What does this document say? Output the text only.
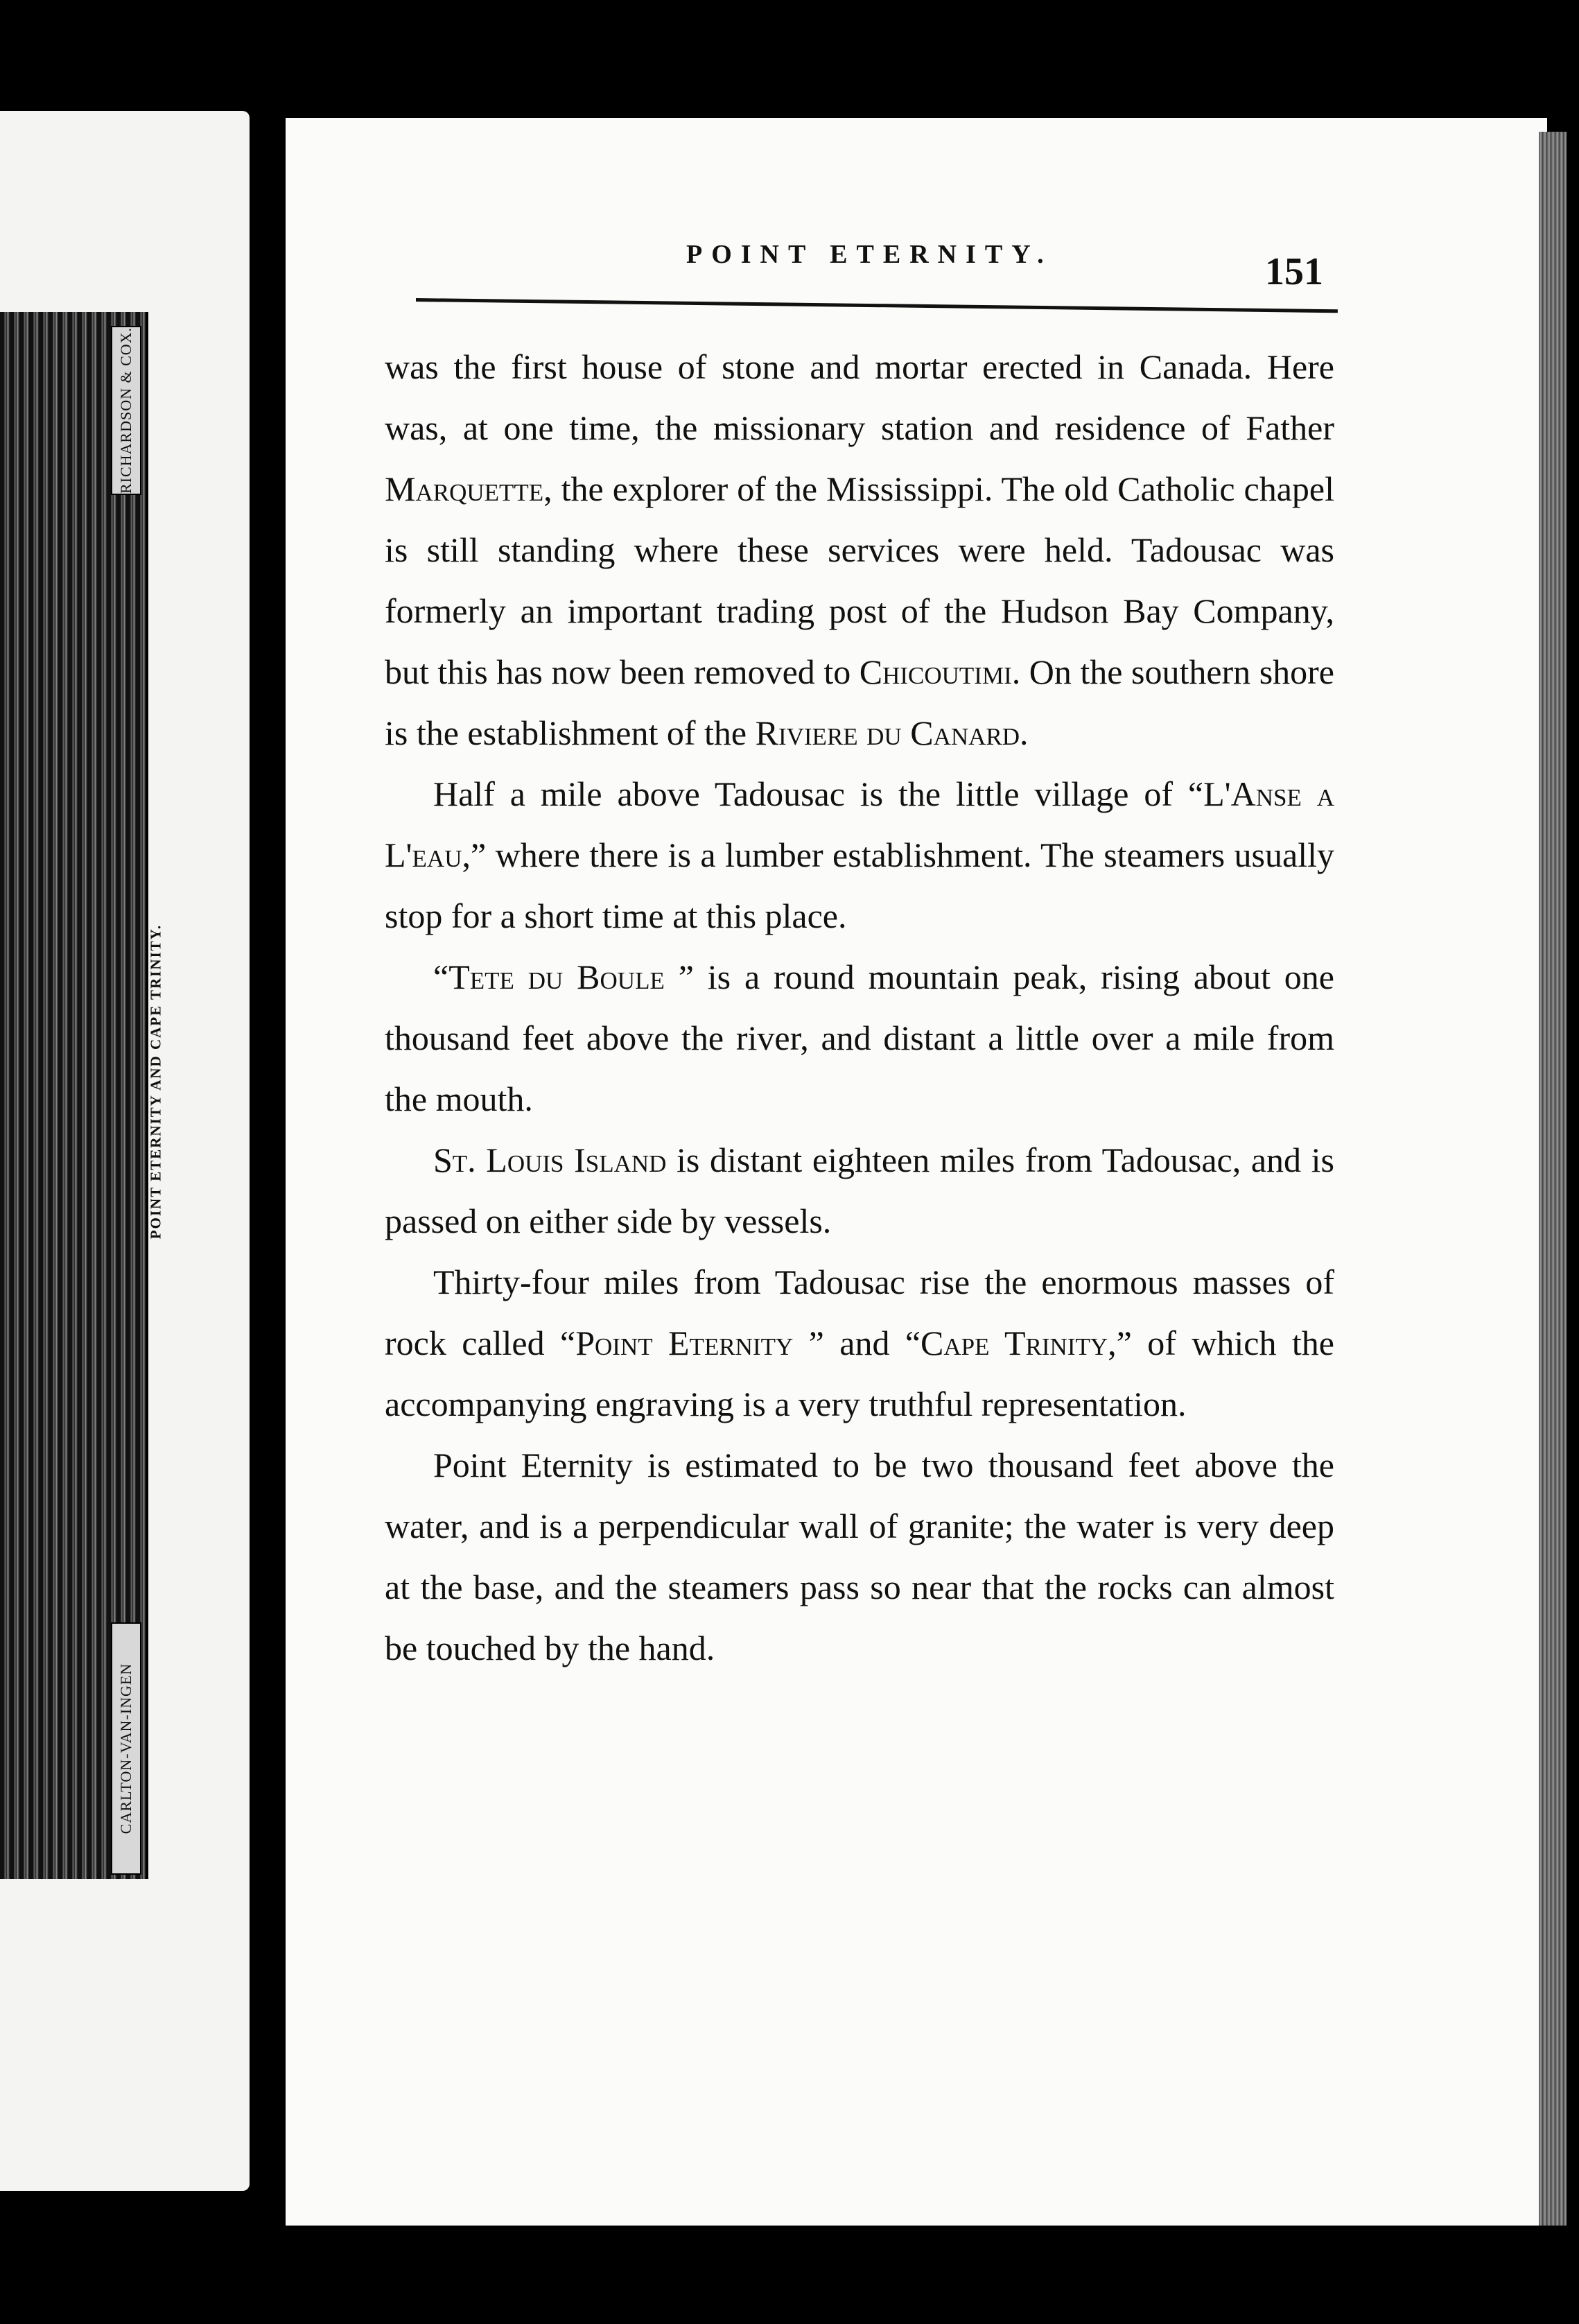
RICHARDSON & COX.
CARLTON-VAN-INGEN
POINT ETERNITY AND CAPE TRINITY.
POINT ETERNITY.	151

was the first house of stone and mortar erected in Canada. Here was, at one time, the missionary station and residence of Father Marquette, the explorer of the Mississippi. The old Catholic chapel is still standing where these services were held. Tadousac was formerly an important trading post of the Hudson Bay Company, but this has now been removed to Chicoutimi. On the southern shore is the establishment of the Riviere du Canard.

Half a mile above Tadousac is the little village of “L'Anse a L'eau,” where there is a lumber establishment. The steamers usually stop for a short time at this place.

“Tete du Boule ” is a round mountain peak, rising about one thousand feet above the river, and distant a little over a mile from the mouth.

St. Louis Island is distant eighteen miles from Tadousac, and is passed on either side by vessels.

Thirty-four miles from Tadousac rise the enormous masses of rock called “Point Eternity ” and “Cape Trinity,” of which the accompanying engraving is a very truthful representation.

Point Eternity is estimated to be two thousand feet above the water, and is a perpendicular wall of granite; the water is very deep at the base, and the steamers pass so near that the rocks can almost be touched by the hand.
